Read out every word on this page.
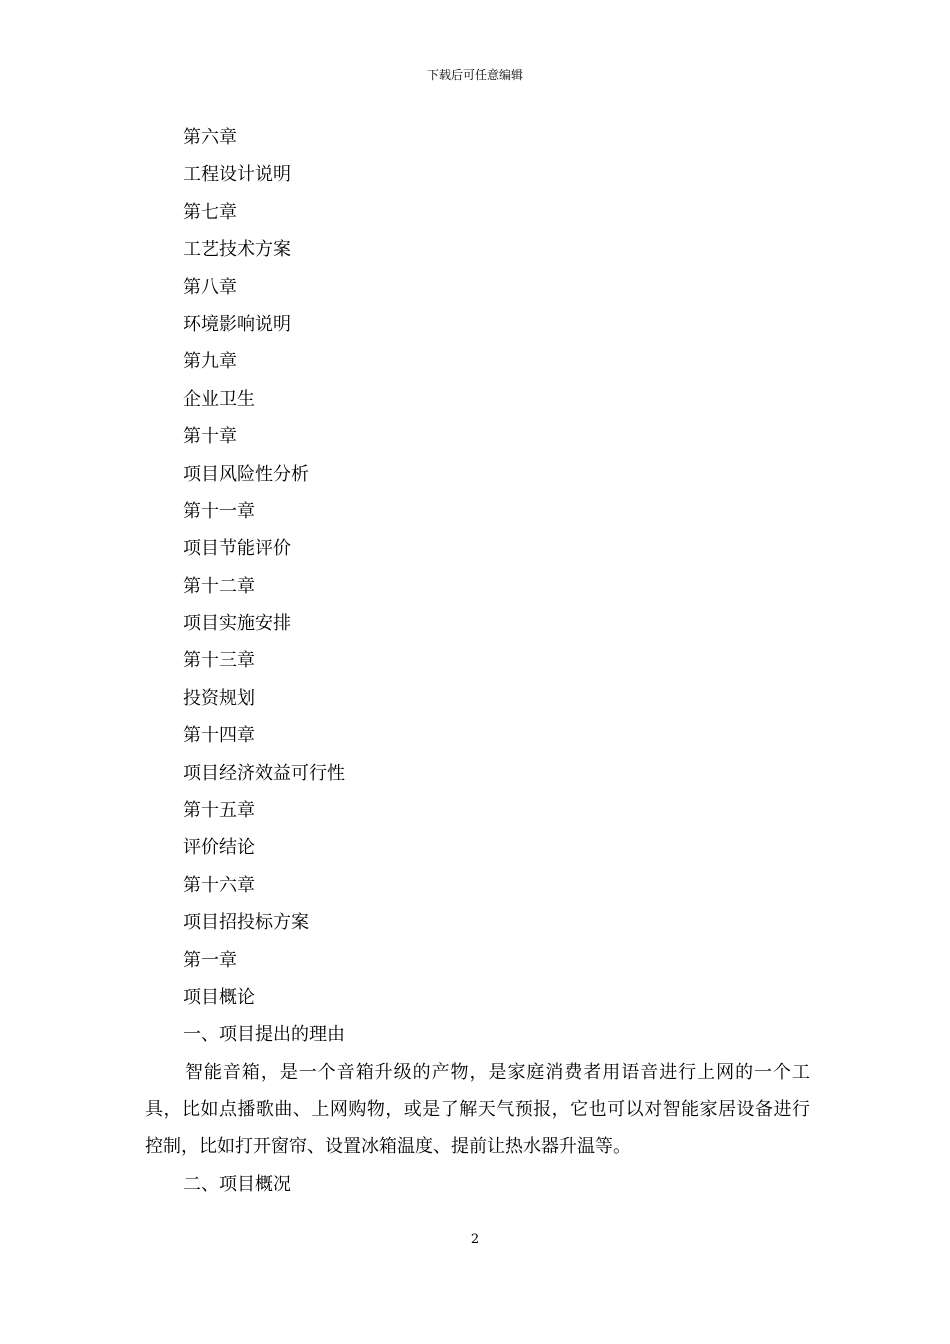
下载后可任意编辑
第六章
工程设计说明
第七章
工艺技术方案
第八章
环境影响说明
第九章
企业卫生
第十章
项目风险性分析
第十一章
项目节能评价
第十二章
项目实施安排
第十三章
投资规划
第十四章
项目经济效益可行性
第十五章
评价结论
第十六章
项目招投标方案
第一章
项目概论
一、项目提出的理由

智能音箱，是一个音箱升级的产物，是家庭消费者用语音进行上网的一个工具，比如点播歌曲、上网购物，或是了解天气预报，它也可以对智能家居设备进行控制，比如打开窗帘、设置冰箱温度、提前让热水器升温等。

二、项目概况
2
